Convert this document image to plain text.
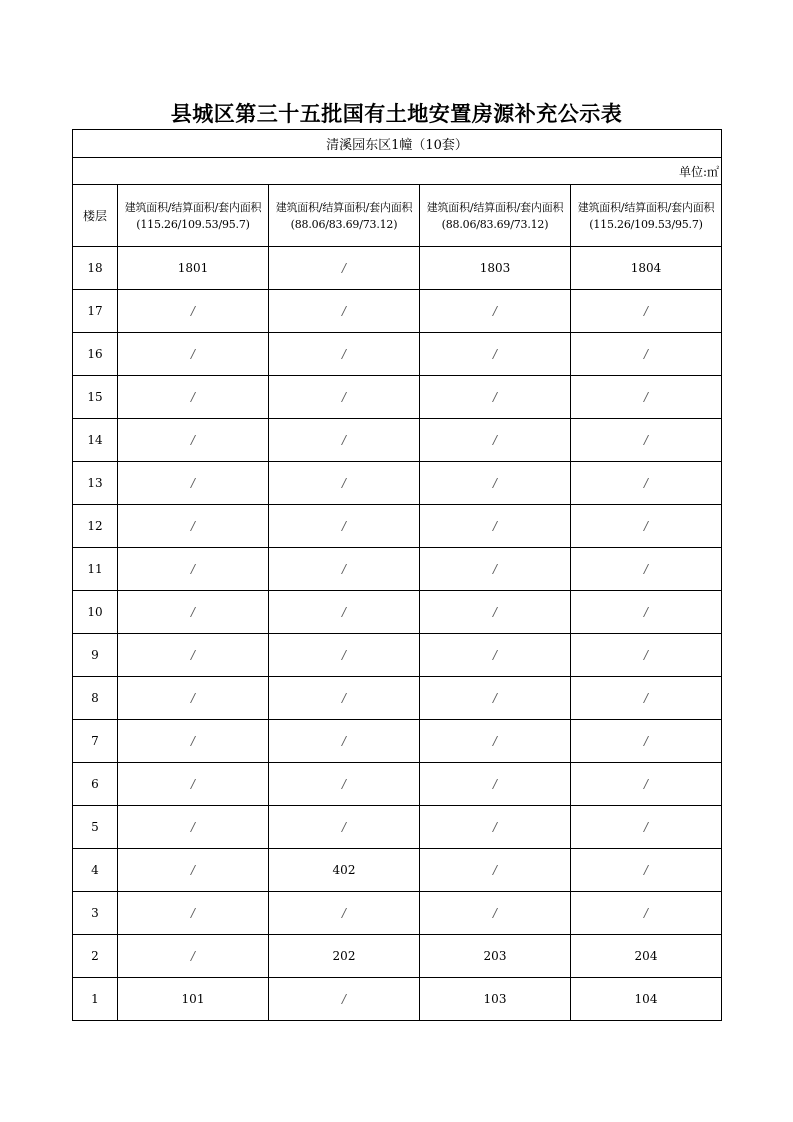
县城区第三十五批国有土地安置房源补充公示表
清溪园东区1幢（10套）				
单位:㎡				
楼层	建筑面积/结算面积/套内面积(115.26/109.53/95.7)	建筑面积/结算面积/套内面积(88.06/83.69/73.12)	建筑面积/结算面积/套内面积(88.06/83.69/73.12)	建筑面积/结算面积/套内面积(115.26/109.53/95.7)
18	1801	/	1803	1804
17	/	/	/	/
16	/	/	/	/
15	/	/	/	/
14	/	/	/	/
13	/	/	/	/
12	/	/	/	/
11	/	/	/	/
10	/	/	/	/
9	/	/	/	/
8	/	/	/	/
7	/	/	/	/
6	/	/	/	/
5	/	/	/	/
4	/	402	/	/
3	/	/	/	/
2	/	202	203	204
1	101	/	103	104
